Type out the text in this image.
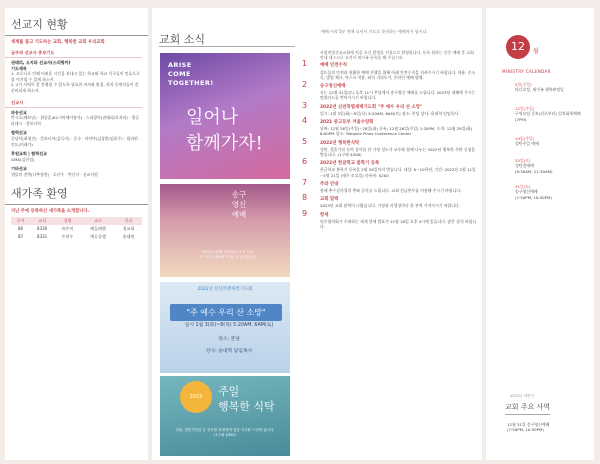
선교지 현황
세계를 품고 기도하는 교회, 행복한 교회 우리교회
금주의 선교사 중보기도
권태리, 오지라 선교사(스리랑카)
기도제목
1. 코로나로 인해 어려운 시간을 보내고 있는 학교와 학교 식구들이 믿음으로 잘 이겨낼 수 있게 하소서.
2. 2가 사역이 잘 진행될 수 있도록 필요한 비자와 환경, 현지 동역자들이 잘 준비되게 하소서.
선교사
파송선교
박시호(베트남) · 위종훈(K1시아예사장사) · 스리랑카(권태리/오지라) · 방글라데시 · 캄보디아
협력선교
중남미(최생진) · 캄보디아(김득이) · 중국 · 미얀마(김창환/임윤주) · 필리핀 · 인도(이태가)
후원교회 | 협력선교
GMA(김진섭)
기타선교
샘물의 전략(다추정봉) · 호산주 · 박신지 · 선교지원
새가족 환영
지난 주에 등록하신 새가족을 소개합니다.
순서	교적	성명	교구	목자
86	8330	유은비	베들레헴	청교회
87	8331	손현우	예루살렘	윤대현
교회 소식
예배 시작 5분 전에 오셔서 기도로 준비하는 예배자가 됩시다.
ARISE
COME
TOGETHER!
일어나
함께가자!
송구
영신
예배
2022년 12월 31일(토) 오후 11시
송구영신 예배에 여러분을 초대합니다
2022년 신년특별새벽기도회
"주 예수 우리 산 소망"
일시 1월 3(화)~8(목) 5:20AM, 6AM(토)
장소: 본당
강사: 윤대혁 담임목사
2023	주일
행복한 식탁
성탄, 결혼기념일 등 감사를 표현하며 점심 식사를 드리면 됩니다.
(1구좌 $300)
사랑의빛선교교회에 처음 오신 환영을 진심으로 환영합니다. 등록 원하는 분은 예배 후 교회 안내 데스크로 오셔서 새가족 등록을 해 주십시오.
1	예배 안전수칙
성도들의 안전과 원활한 예배 진행을 위해 아래 안전수칙을 지켜주시기 바랍니다. 내용: 손소독, 발열 체크, 마스크 착용, 좌석 거리두기, 온라인 예배 병행.
2	송구영신예배
오는 12월 31일(토) 오후 11시 본당에서 송구영신 예배를 드립니다. 2023년 새해에 주시는 말씀카드를 받아가시기 바랍니다.
3	2022년 신년특별새벽기도회 "주 예수 우리 산 소망"
일시: 1월 3일(화)~8일(목) 5:20AM, 6AM(토) 장소: 본당 강사: 윤대혁 담임목사
4	2021 중고등부 겨울수양회
날짜: 12월 26일(주일)~28일(화) 등록: 12월 26일(주일) 1:30PM, 도착: 12월 29일(화) 6:00PM 장소: Tahquitz Pines Conference Center
5	2022년 행복한식탁
성탄, 결혼기념 등의 감사를 한 가정 성도가 교우와 함께 나누는 2022년 행복한 식탁 신청을 받습니다. (1구좌 $300)
6	2022년 한글학교 봄학기 등록
한글학교 봄학기 등록을 2월 28일까지 받습니다. 대상: K~10학년, 기간: 2022년 2월 11일~5월 21일 (매주 토요일) 등록비: $200
7	추와 안내
함께 추수감사절의 추와 감사를 드립니다. 교회 헌금봉투를 이용해 주시기 바랍니다.
8	교회 달력
2023년 교회 달력이 나왔습니다. 가정과 사업장마다 한 부씩 가져가시기 바랍니다.
9	항세
원주협의회가 주최하는 세계 향세 발표가 12월 18일 오후 4시에 있습니다. 많은 참석 바랍니다.
12	월
MINISTRY CALENDAR
5일(주일)
라디오킹, 새가족 행복판정일
12일(주일)
구역모임 중보(뒤로부터) 일치회복예배(7PM)
19일(주일)
성탄주일 예배
25일(토)
성탄절예배
(9:30AM, 11:30AM)
31일(토)
송구영신예배
(7:50PM, 10:50PM)
2021년 하반기
교회 주요 사역
12월 31일 송구영신예배
(7:50PM, 10:50PM)
